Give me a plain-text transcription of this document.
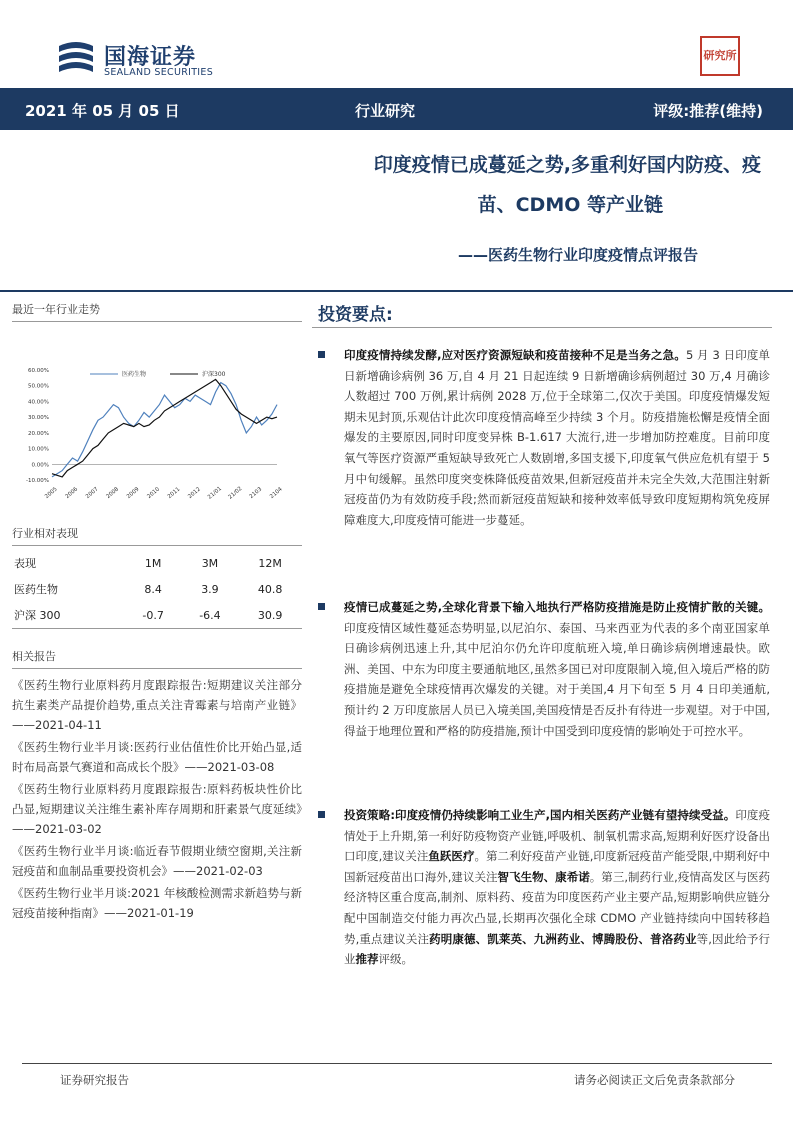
国海证券
SEALAND SECURITIES
研究所
2021 年 05 月 05 日	行业研究	评级:推荐(维持)
印度疫情已成蔓延之势,多重利好国内防疫、疫
苗、CDMO 等产业链
——医药生物行业印度疫情点评报告
最近一年行业走势
60.00%
50.00%
40.00%
30.00%
20.00%
10.00%
0.00%
-10.00%
2005 2006 2007 2008 2009 2010 2011 2012 21/01 21/02 2103 2104
医药生物	沪深300
行业相对表现
表现	1M	3M	12M
医药生物	8.4	3.9	40.8
沪深 300	-0.7	-6.4	30.9
相关报告

《医药生物行业原料药月度跟踪报告:短期建议关注部分抗生素类产品提价趋势,重点关注青霉素与培南产业链》——2021-04-11

《医药生物行业半月谈:医药行业估值性价比开始凸显,适时布局高景气赛道和高成长个股》——2021-03-08

《医药生物行业原料药月度跟踪报告:原料药板块性价比凸显,短期建议关注维生素补库存周期和肝素景气度延续》——2021-03-02

《医药生物行业半月谈:临近春节假期业绩空窗期,关注新冠疫苗和血制品重要投资机会》——2021-02-03

《医药生物行业半月谈:2021 年核酸检测需求新趋势与新冠疫苗接种指南》——2021-01-19

投资要点:
印度疫情持续发酵,应对医疗资源短缺和疫苗接种不足是当务之急。5 月 3 日印度单日新增确诊病例 36 万,自 4 月 21 日起连续 9 日新增确诊病例超过 30 万,4 月确诊人数超过 700 万例,累计病例 2028 万,位于全球第二,仅次于美国。印度疫情爆发短期未见封顶,乐观估计此次印度疫情高峰至少持续 3 个月。防疫措施松懈是疫情全面爆发的主要原因,同时印度变异株 B-1.617 大流行,进一步增加防控难度。目前印度氧气等医疗资源严重短缺导致死亡人数剧增,多国支援下,印度氧气供应危机有望于 5 月中旬缓解。虽然印度突变株降低疫苗效果,但新冠疫苗并未完全失效,大范围注射新冠疫苗仍为有效防疫手段;然而新冠疫苗短缺和接种效率低导致印度短期构筑免疫屏障难度大,印度疫情可能进一步蔓延。
疫情已成蔓延之势,全球化背景下输入地执行严格防疫措施是防止疫情扩散的关键。印度疫情区域性蔓延态势明显,以尼泊尔、泰国、马来西亚为代表的多个南亚国家单日确诊病例迅速上升,其中尼泊尔仍允许印度航班入境,单日确诊病例增速最快。欧洲、美国、中东为印度主要通航地区,虽然多国已对印度限制入境,但入境后严格的防疫措施是避免全球疫情再次爆发的关键。对于美国,4 月下旬至 5 月 4 日印美通航,预计约 2 万印度旅居人员已入境美国,美国疫情是否反扑有待进一步观望。对于中国,得益于地理位置和严格的防疫措施,预计中国受到印度疫情的影响处于可控水平。
投资策略:印度疫情仍持续影响工业生产,国内相关医药产业链有望持续受益。印度疫情处于上升期,第一利好防疫物资产业链,呼吸机、制氧机需求高,短期利好医疗设备出口印度,建议关注鱼跃医疗。第二利好疫苗产业链,印度新冠疫苗产能受限,中期利好中国新冠疫苗出口海外,建议关注智飞生物、康希诺。第三,制药行业,疫情高发区与医药经济特区重合度高,制剂、原料药、疫苗为印度医药产业主要产品,短期影响供应链分配中国制造交付能力再次凸显,长期再次强化全球 CDMO 产业链持续向中国转移趋势,重点建议关注药明康德、凯莱英、九洲药业、博腾股份、普洛药业等,因此给予行业推荐评级。
证券研究报告	请务必阅读正文后免责条款部分
